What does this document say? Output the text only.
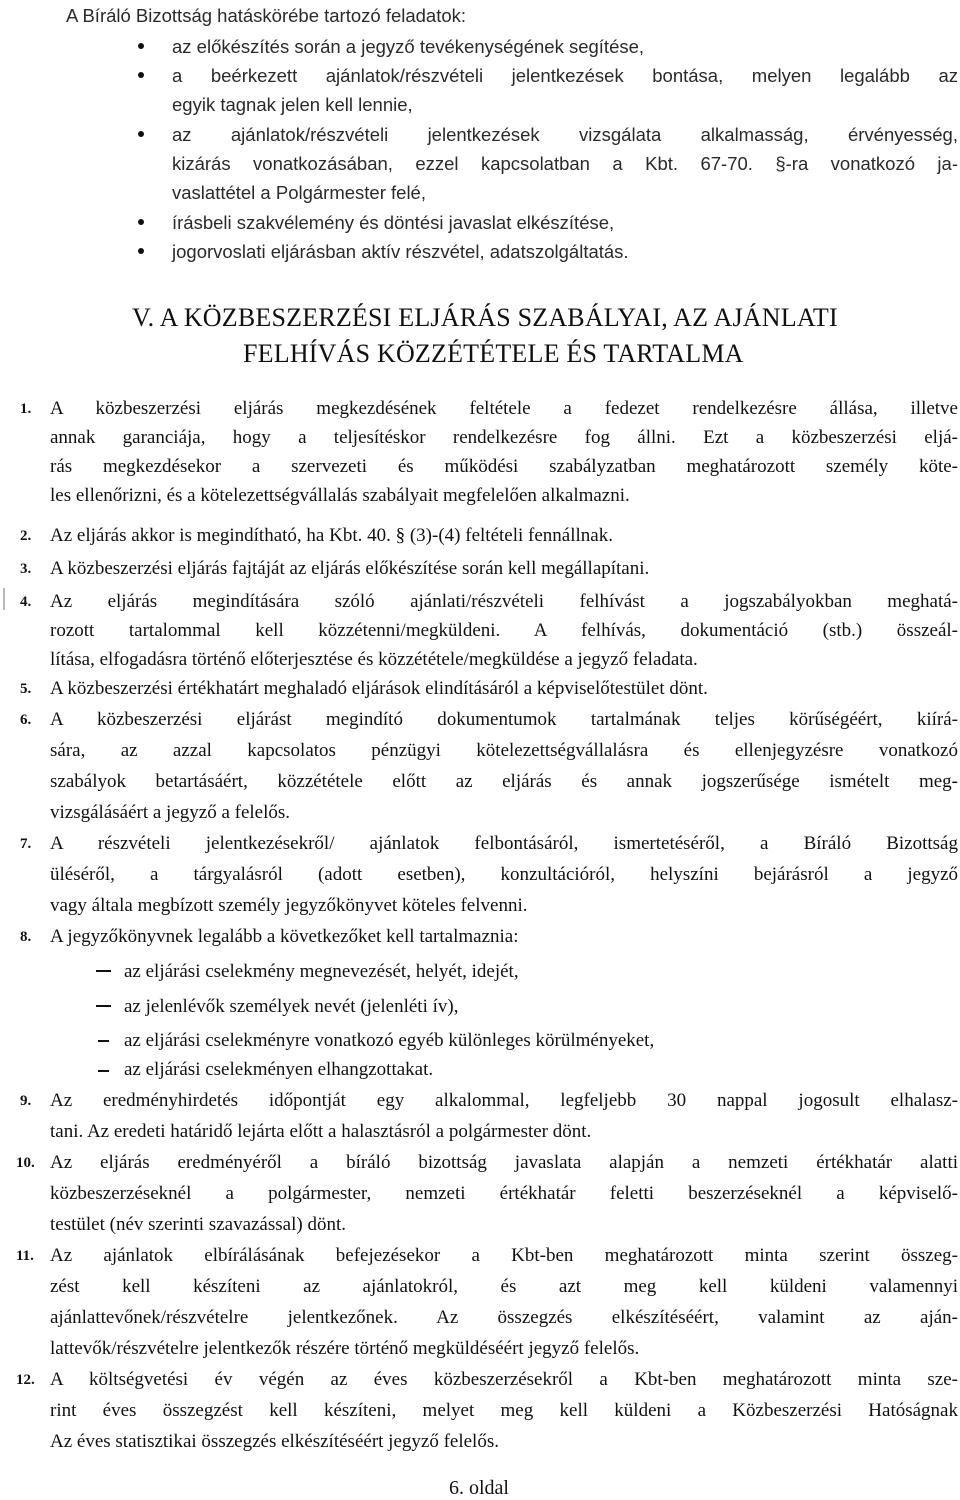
A Bíráló Bizottság hatáskörébe tartozó feladatok:
az előkészítés során a jegyző tevékenységének segítése,
a beérkezett ajánlatok/részvételi jelentkezések bontása, melyen legalább az
egyik tagnak jelen kell lennie,
az ajánlatok/részvételi jelentkezések vizsgálata alkalmasság, érvényesség,
kizárás vonatkozásában, ezzel kapcsolatban a Kbt. 67-70. §-ra vonatkozó ja-
vaslattétel a Polgármester felé,
írásbeli szakvélemény és döntési javaslat elkészítése,
jogorvoslati eljárásban aktív részvétel, adatszolgáltatás.
V. A KÖZBESZERZÉSI ELJÁRÁS SZABÁLYAI, AZ AJÁNLATI
FELHÍVÁS KÖZZÉTÉTELE ÉS TARTALMA
1. A közbeszerzési eljárás megkezdésének feltétele a fedezet rendelkezésre állása, illetve
annak garanciája, hogy a teljesítéskor rendelkezésre fog állni. Ezt a közbeszerzési eljá-
rás megkezdésekor a szervezeti és működési szabályzatban meghatározott személy köte-
les ellenőrizni, és a kötelezettségvállalás szabályait megfelelően alkalmazni.
2. Az eljárás akkor is megindítható, ha Kbt. 40. § (3)-(4) feltételi fennállnak.
3. A közbeszerzési eljárás fajtáját az eljárás előkészítése során kell megállapítani.
4. Az eljárás megindítására szóló ajánlati/részvételi felhívást a jogszabályokban meghatá-
rozott tartalommal kell közzétenni/megküldeni. A felhívás, dokumentáció (stb.) összeál-
lítása, elfogadásra történő előterjesztése és közzététele/megküldése a jegyző feladata.
5. A közbeszerzési értékhatárt meghaladó eljárások elindításáról a képviselőtestület dönt.
6. A közbeszerzési eljárást megindító dokumentumok tartalmának teljes körűségéért, kiírá-
sára, az azzal kapcsolatos pénzügyi kötelezettségvállalásra és ellenjegyzésre vonatkozó
szabályok betartásáért, közzététele előtt az eljárás és annak jogszerűsége ismételt meg-
vizsgálásáért a jegyző a felelős.
7. A részvételi jelentkezésekről/ ajánlatok felbontásáról, ismertetéséről, a Bíráló Bizottság
üléséről, a tárgyalásról (adott esetben), konzultációról, helyszíni bejárásról a jegyző
vagy általa megbízott személy jegyzőkönyvet köteles felvenni.
8. A jegyzőkönyvnek legalább a következőket kell tartalmaznia:
az eljárási cselekmény megnevezését, helyét, idejét,
az jelenlévők személyek nevét (jelenléti ív),
az eljárási cselekményre vonatkozó egyéb különleges körülményeket,
az eljárási cselekményen elhangzottakat.
9. Az eredményhirdetés időpontját egy alkalommal, legfeljebb 30 nappal jogosult elhalasz-
tani. Az eredeti határidő lejárta előtt a halasztásról a polgármester dönt.
10. Az eljárás eredményéről a bíráló bizottság javaslata alapján a nemzeti értékhatár alatti
közbeszerzéseknél a polgármester, nemzeti értékhatár feletti beszerzéseknél a képviselő-
testület (név szerinti szavazással) dönt.
11. Az ajánlatok elbírálásának befejezésekor a Kbt-ben meghatározott minta szerint összeg-
zést kell készíteni az ajánlatokról, és azt meg kell küldeni valamennyi
ajánlattevőnek/részvételre jelentkezőnek. Az összegzés elkészítéséért, valamint az aján-
lattevők/részvételre jelentkezők részére történő megküldéséért jegyző felelős.
12. A költségvetési év végén az éves közbeszerzésekről a Kbt-ben meghatározott minta sze-
rint éves összegzést kell készíteni, melyet meg kell küldeni a Közbeszerzési Hatóságnak
Az éves statisztikai összegzés elkészítéséért jegyző felelős.
6. oldal
